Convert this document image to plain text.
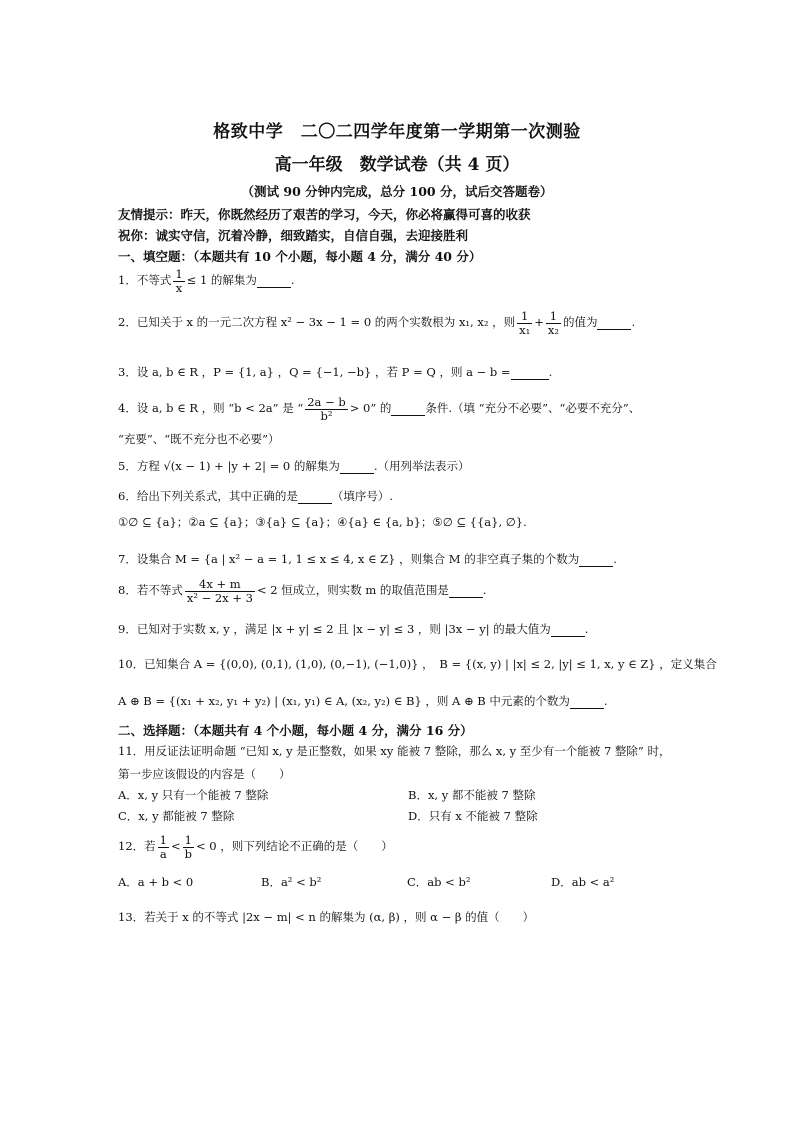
格致中学　二〇二四学年度第一学期第一次测验
高一年级　数学试卷（共 4 页）
（测试 90 分钟内完成，总分 100 分，试后交答题卷）
友情提示：昨天，你既然经历了艰苦的学习，今天，你必将赢得可喜的收获
祝你：诚实守信，沉着冷静，细致踏实，自信自强，去迎接胜利
一、填空题：（本题共有 10 个小题，每小题 4 分，满分 40 分）
1．不等式 $\frac{1}{x} \le 1$ 的解集为	.
2．已知关于 x 的一元二次方程 x² − 3x − 1 = 0 的两个实数根为 x₁, x₂ ，则 $\frac{1}{\text{x₁}} + \frac{1}{\text{x₂}}$ 的值为	.
3．设 a, b ∈ R ，P = {1, a} ，Q = {−1, −b} ，若 P = Q ，则 a − b =	.
4．设 a, b ∈ R ，则 “b < 2a” 是 “ $\frac{2a - b}{\text{b²}} > 0$” 的	条件.（填 “充分不必要”、“必要不充分”、
“充要”、“既不充分也不必要”）
5．方程 √(x − 1) + |y + 2| = 0 的解集为	.（用列举法表示）
6．给出下列关系式，其中正确的是	（填序号）.
①∅ ⊆ {a}；②a ⊆ {a}；③{a} ⊆ {a}；④{a} ∈ {a, b}；⑤∅ ⊆ {{a}, ∅}.
7．设集合 M = {a | x² − a = 1, 1 ≤ x ≤ 4, x ∈ Z} ，则集合 M 的非空真子集的个数为	.
8．若不等式 $\frac{4x + m}{\text{x² − 2x + 3}} < 2$ 恒成立，则实数 m 的取值范围是	.
9．已知对于实数 x, y ，满足 |x + y| ≤ 2 且 |x − y| ≤ 3 ，则 |3x − y| 的最大值为	.
10．已知集合 A = {(0,0), (0,1), (1,0), (0,−1), (−1,0)} ，　B = {(x, y) | |x| ≤ 2, |y| ≤ 1, x, y ∈ Z} ，定义集合
A ⊕ B = {(x₁ + x₂, y₁ + y₂) | (x₁, y₁) ∈ A, (x₂, y₂) ∈ B} ，则 A ⊕ B 中元素的个数为	.
二、选择题：（本题共有 4 个小题，每小题 4 分，满分 16 分）
11．用反证法证明命题 “已知 x, y 是正整数，如果 xy 能被 7 整除，那么 x, y 至少有一个能被 7 整除” 时，
第一步应该假设的内容是（　　）
A．x, y 只有一个能被 7 整除	B．x, y 都不能被 7 整除
C．x, y 都能被 7 整除	D．只有 x 不能被 7 整除
12．若 $\frac{1}{a} < \frac{1}{b} < 0$ ，则下列结论不正确的是（　　）
A．a + b < 0	B．a² < b²	C．ab < b²	D．ab < a²
13．若关于 x 的不等式 |2x − m| < n 的解集为 (α, β) ，则 α − β 的值（　　）
